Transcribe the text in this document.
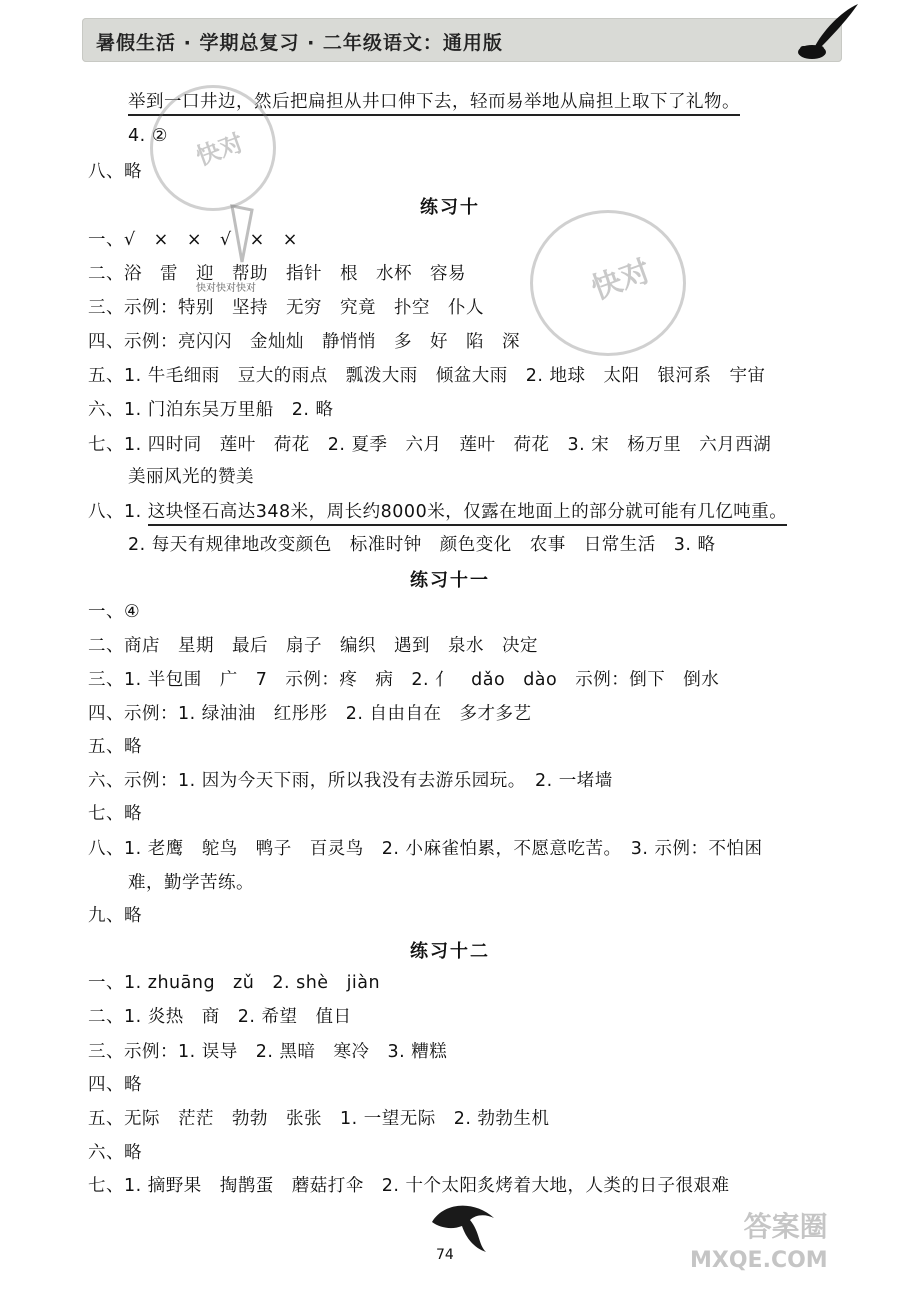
暑假生活 · 学期总复习 · 二年级语文：通用版
举到一口井边，然后把扁担从井口伸下去，轻而易举地从扁担上取下了礼物。
4. ②
八、略
练习十
一、√　×　×　√　×　×
二、浴　雷　迎　帮助　指针　根　水杯　容易
三、示例：特别　坚持　无穷　究竟　扑空　仆人
四、示例：亮闪闪　金灿灿　静悄悄　多　好　陷　深
五、1. 牛毛细雨　豆大的雨点　瓢泼大雨　倾盆大雨　2. 地球　太阳　银河系　宇宙
六、1. 门泊东吴万里船　2. 略
七、1. 四时同　莲叶　荷花　2. 夏季　六月　莲叶　荷花　3. 宋　杨万里　六月西湖
美丽风光的赞美
八、1. 这块怪石高达348米，周长约8000米，仅露在地面上的部分就可能有几亿吨重。
2. 每天有规律地改变颜色　标准时钟　颜色变化　农事　日常生活　3. 略
练习十一
一、④
二、商店　星期　最后　扇子　编织　遇到　泉水　决定
三、1. 半包围　广　7　示例：疼　病　2. 亻　dǎo　dào　示例：倒下　倒水
四、示例：1. 绿油油　红彤彤　2. 自由自在　多才多艺
五、略
六、示例：1. 因为今天下雨，所以我没有去游乐园玩。　2. 一堵墙
七、略
八、1. 老鹰　鸵鸟　鸭子　百灵鸟　2. 小麻雀怕累，不愿意吃苦。　3. 示例：不怕困
难，勤学苦练。
九、略
练习十二
一、1. zhuāng　zǔ　2. shè　jiàn
二、1. 炎热　商　2. 希望　值日
三、示例：1. 误导　2. 黑暗　寒冷　3. 糟糕
四、略
五、无际　茫茫　勃勃　张张　1. 一望无际　2. 勃勃生机
六、略
七、1. 摘野果　掏鹊蛋　蘑菇打伞　2. 十个太阳炙烤着大地，人类的日子很艰难
快对
快对
快对快对快对
74
答案圈
MXQE.COM
